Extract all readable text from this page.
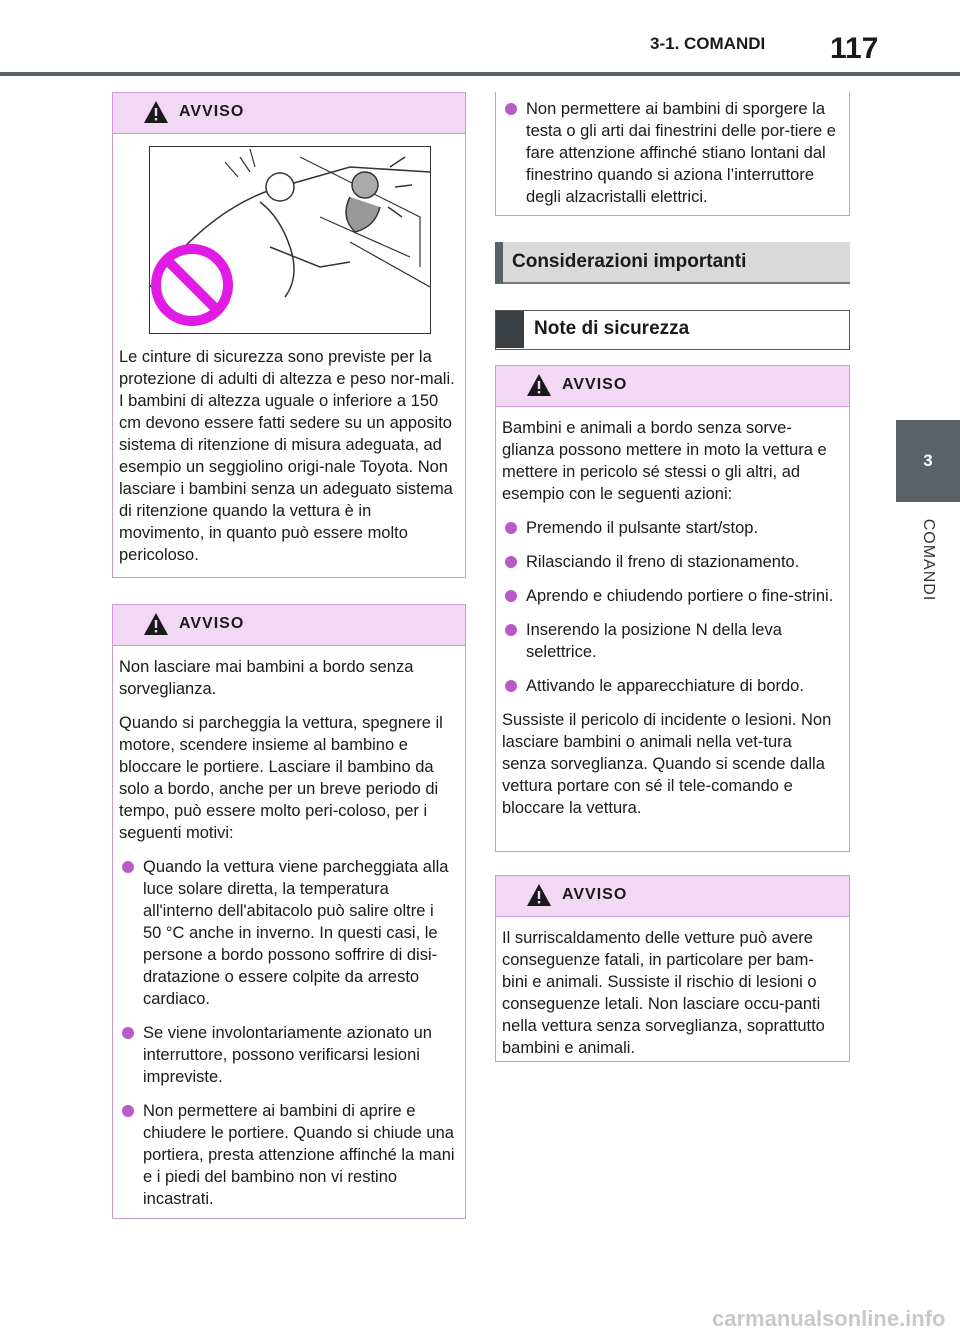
3-1. COMANDI 117
3
COMANDI
AVVISO

Le cinture di sicurezza sono previste per la protezione di adulti di altezza e peso nor-mali. I bambini di altezza uguale o inferiore a 150 cm devono essere fatti sedere su un apposito sistema di ritenzione di misura adeguata, ad esempio un seggiolino origi-nale Toyota. Non lasciare i bambini senza un adeguato sistema di ritenzione quando la vettura è in movimento, in quanto può essere molto pericoloso.

AVVISO

Non lasciare mai bambini a bordo senza sorveglianza.

Quando si parcheggia la vettura, spegnere il motore, scendere insieme al bambino e bloccare le portiere. Lasciare il bambino da solo a bordo, anche per un breve periodo di tempo, può essere molto peri-coloso, per i seguenti motivi:

Quando la vettura viene parcheggiata alla luce solare diretta, la temperatura all'interno dell'abitacolo può salire oltre i 50 °C anche in inverno. In questi casi, le persone a bordo possono soffrire di disi-dratazione o essere colpite da arresto cardiaco.
Se viene involontariamente azionato un interruttore, possono verificarsi lesioni impreviste.
Non permettere ai bambini di aprire e chiudere le portiere. Quando si chiude una portiera, presta attenzione affinché la mani e i piedi del bambino non vi restino incastrati.
Non permettere ai bambini di sporgere la testa o gli arti dai finestrini delle por-tiere e fare attenzione affinché stiano lontani dal finestrino quando si aziona l’interruttore degli alzacristalli elettrici.
Considerazioni importanti
Note di sicurezza
AVVISO

Bambini e animali a bordo senza sorve-glianza possono mettere in moto la vettura e mettere in pericolo sé stessi o gli altri, ad esempio con le seguenti azioni:

Premendo il pulsante start/stop.
Rilasciando il freno di stazionamento.
Aprendo e chiudendo portiere o fine-strini.
Inserendo la posizione N della leva selettrice.
Attivando le apparecchiature di bordo.

Sussiste il pericolo di incidente o lesioni. Non lasciare bambini o animali nella vet-tura senza sorveglianza. Quando si scende dalla vettura portare con sé il tele-comando e bloccare la vettura.

AVVISO

Il surriscaldamento delle vetture può avere conseguenze fatali, in particolare per bam-bini e animali. Sussiste il rischio di lesioni o conseguenze letali. Non lasciare occu-panti nella vettura senza sorveglianza, soprattutto bambini e animali.

carmanualsonline.info
